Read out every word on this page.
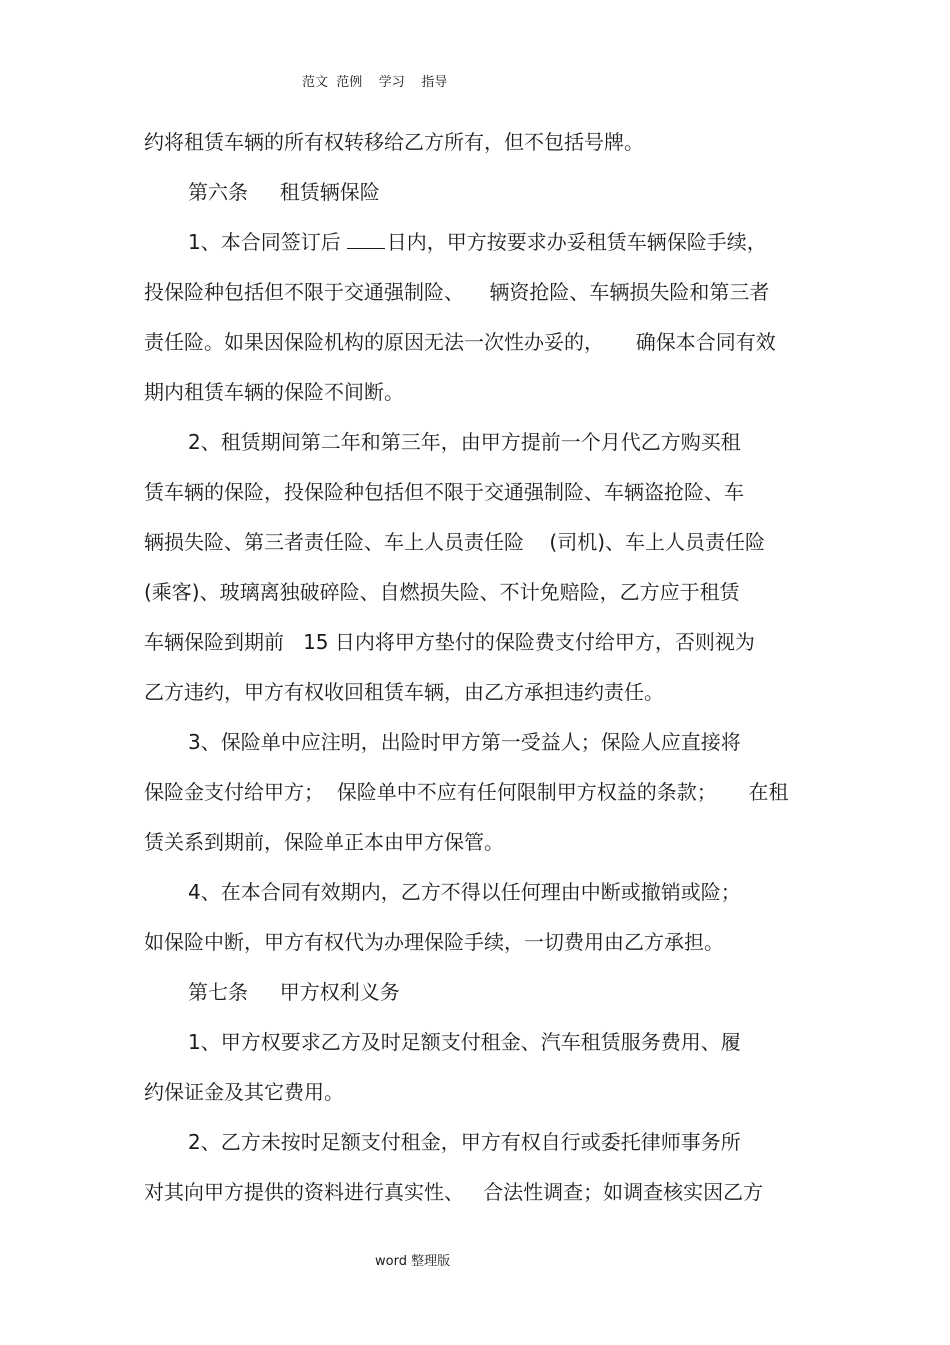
范文  范例    学习    指导
约将租赁车辆的所有权转移给乙方所有，但不包括号牌。
第六条     租赁辆保险
1、本合同签订后 日内，甲方按要求办妥租赁车辆保险手续，
投保险种包括但不限于交通强制险、    辆资抢险、车辆损失险和第三者
责任险。如果因保险机构的原因无法一次性办妥的，     确保本合同有效
期内租赁车辆的保险不间断。
2、租赁期间第二年和第三年，由甲方提前一个月代乙方购买租
赁车辆的保险，投保险种包括但不限于交通强制险、车辆盗抢险、车
辆损失险、第三者责任险、车上人员责任险    (司机)、车上人员责任险
(乘客)、玻璃离独破碎险、自燃损失险、不计免赔险，乙方应于租赁
车辆保险到期前   15 日内将甲方垫付的保险费支付给甲方，否则视为
乙方违约，甲方有权收回租赁车辆，由乙方承担违约责任。
3、保险单中应注明，出险时甲方第一受益人；保险人应直接将
保险金支付给甲方；  保险单中不应有任何限制甲方权益的条款；     在租
赁关系到期前，保险单正本由甲方保管。
4、在本合同有效期内，乙方不得以任何理由中断或撤销或险；
如保险中断，甲方有权代为办理保险手续，一切费用由乙方承担。
第七条     甲方权利义务
1、甲方权要求乙方及时足额支付租金、汽车租赁服务费用、履
约保证金及其它费用。
2、乙方未按时足额支付租金，甲方有权自行或委托律师事务所
对其向甲方提供的资料进行真实性、   合法性调查；如调查核实因乙方
word 整理版
